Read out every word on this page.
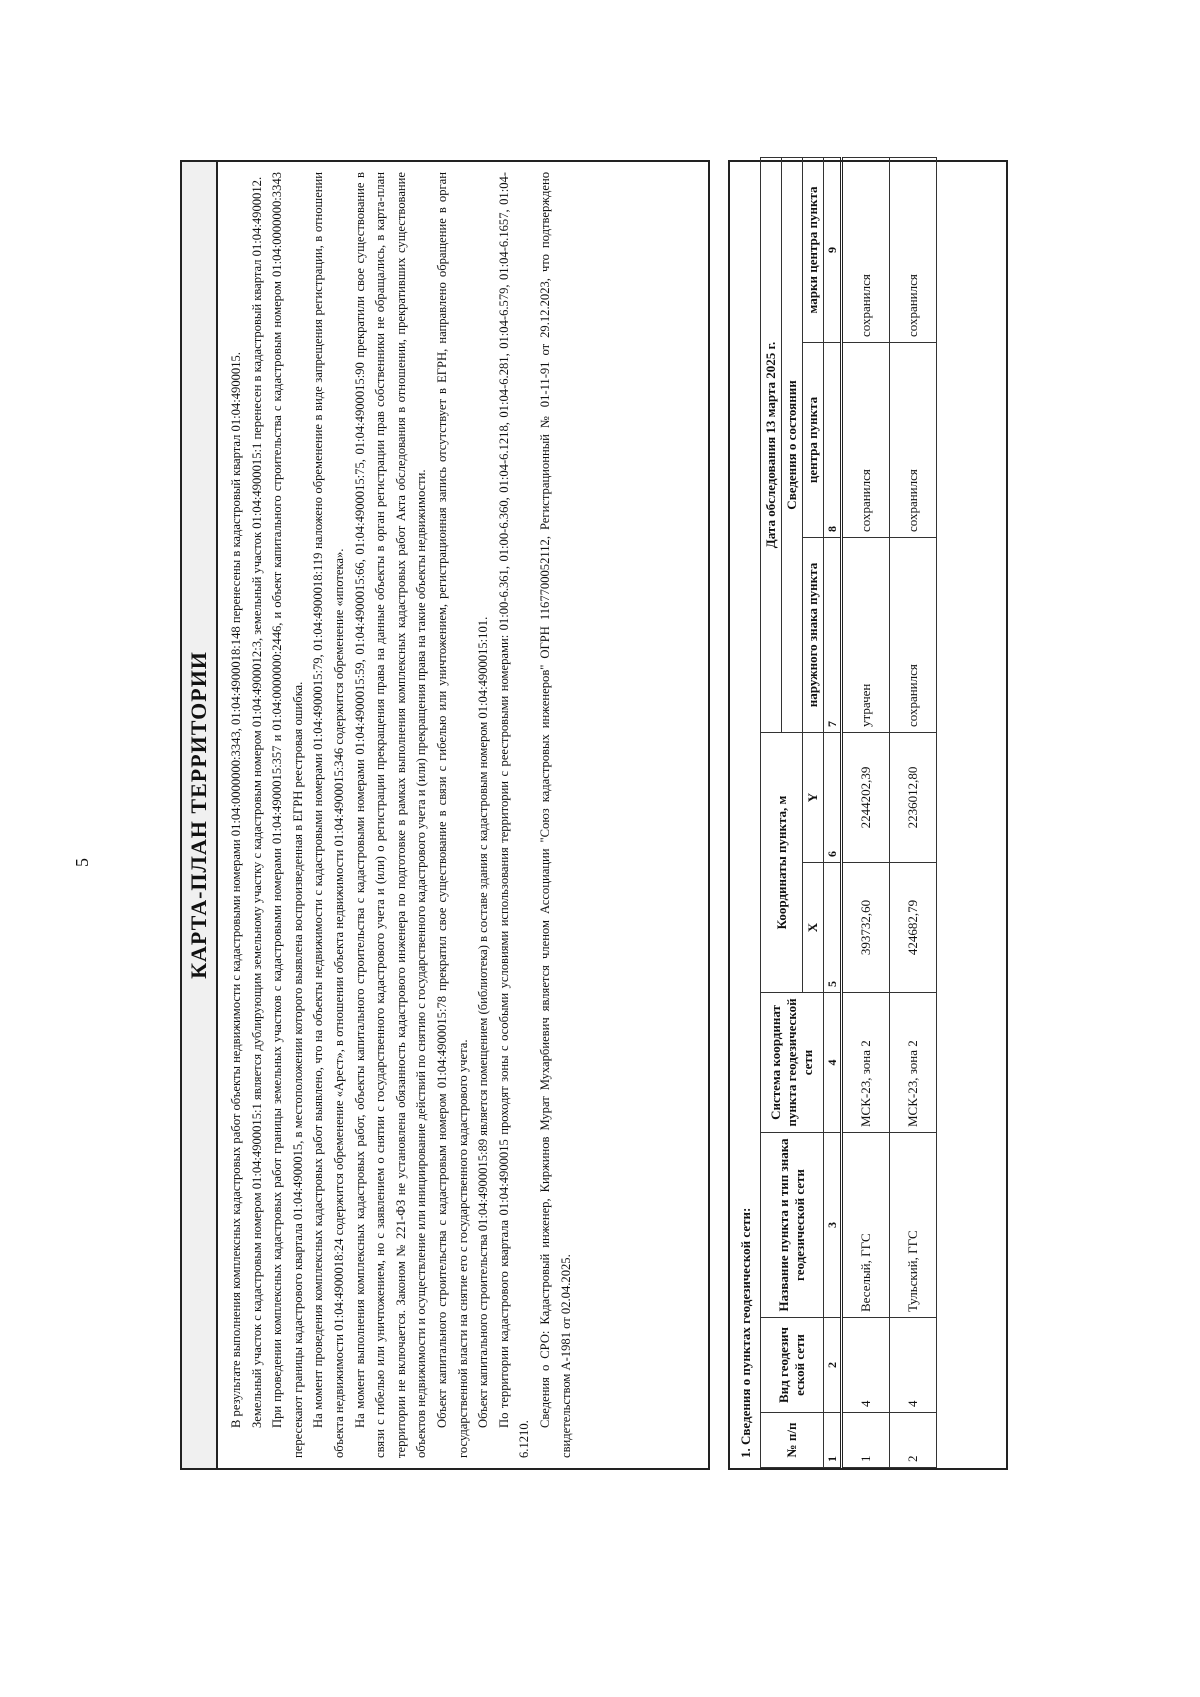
5	КАРТА-ПЛАН ТЕРРИТОРИИ	В результате выполнения комплексных кадастровых работ объекты недвижимости с кадастровыми номерами 01:04:0000000:3343, 01:04:4900018:148 перенесены в кадастровый квартал 01:04:4900015. Земельный участок с кадастровым номером 01:04:4900015:1 является дублирующим земельному участку с кадастровым номером 01:04:4900012:3, земельный участок 01:04:4900015:1 перенесен в кадастровый квартал 01:04:4900012. При проведении комплексных кадастровых работ границы земельных участков с кадастровыми номерами 01:04:4900015:357 и 01:04:0000000:2446, и объект капитального строительства с кадастровым номером 01:04:0000000:3343 пересекают границы кадастрового квартала 01:04:4900015, в местоположении которого выявлена воспроизведенная в ЕГРН реестровая ошибка. На момент проведения комплексных кадастровых работ выявлено, что на объекты недвижимости с кадастровыми номерами 01:04:4900015:79, 01:04:4900018:119 наложено обременение в виде запрещения регистрации, в отношении объекта недвижимости 01:04:4900018:24 содержится обременение «Арест», в отношении объекта недвижимости 01:04:4900015:346 содержится обременение «ипотека». На момент выполнения комплексных кадастровых работ, объекты капитального строительства с кадастровыми номерами 01:04:4900015:59, 01:04:4900015:66, 01:04:4900015:75, 01:04:4900015:90 прекратили свое существование в связи с гибелью или уничтожением, но с заявлением о снятии с государственного кадастрового учета и (или) о регистрации прекращения права на данные объекты в орган регистрации прав собственники не обращались, в карта-план территории не включается. Законом № 221-ФЗ не установлена обязанность кадастрового инженера по подготовке в рамках выполнения комплексных кадастровых работ Акта обследования в отношении, прекративших существование объектов недвижимости и осуществление или инициирование действий по снятию с государственного кадастрового учета и (или) прекращения права на такие объекты недвижимости. Объект капитального строительства с кадастровым номером 01:04:4900015:78 прекратил свое существование в связи с гибелью или уничтожением, регистрационная запись отсутствует в ЕГРН, направлено обращение в орган государственной власти на снятие его с государственного кадастрового учета. Объект капитального строительства 01:04:4900015:89 является помещением (библиотека) в составе здания с кадастровым номером 01:04:4900015:101. По территории кадастрового квартала 01:04:4900015 проходят зоны с особыми условиями использования территории с реестровыми номерами: 01:00-6.361, 01:00-6.360, 01:04-6.1218, 01:04-6.281, 01:04-6.579, 01:04-6.1657, 01:04-6.1210.

Сведения о СРО: Кадастровый инженер, Киржинов Мурат Мухарбиевич является членом Ассоциации "Союз кадастровых инженеров" ОГРН 1167700052112, Регистрационный № 01-11-91 от 29.12.2023, что подтверждено свидетельством А-1981 от 02.04.2025.	1. Сведения о пунктах геодезической сети:	№ п/п	Вид геодезич еской сети	Название пункта и тип знака геодезической сети	Система координат пункта геодезической сети	Координаты пункта, м		Дата обследования 13 марта 2025 г.		
						Сведения о состоянии		
				X	Y	наружного знака пункта	центра пункта	марки центра пункта
1	2	3	4	5	6	7	8	9
1	4	Веселый, ГГС	МСК-23, зона 2	393732,60	2244202,39	утрачен	сохранился	сохранился
2	4	Тульский, ГГС	МСК-23, зона 2	424682,79	2236012,80	сохранился	сохранился	сохранился
